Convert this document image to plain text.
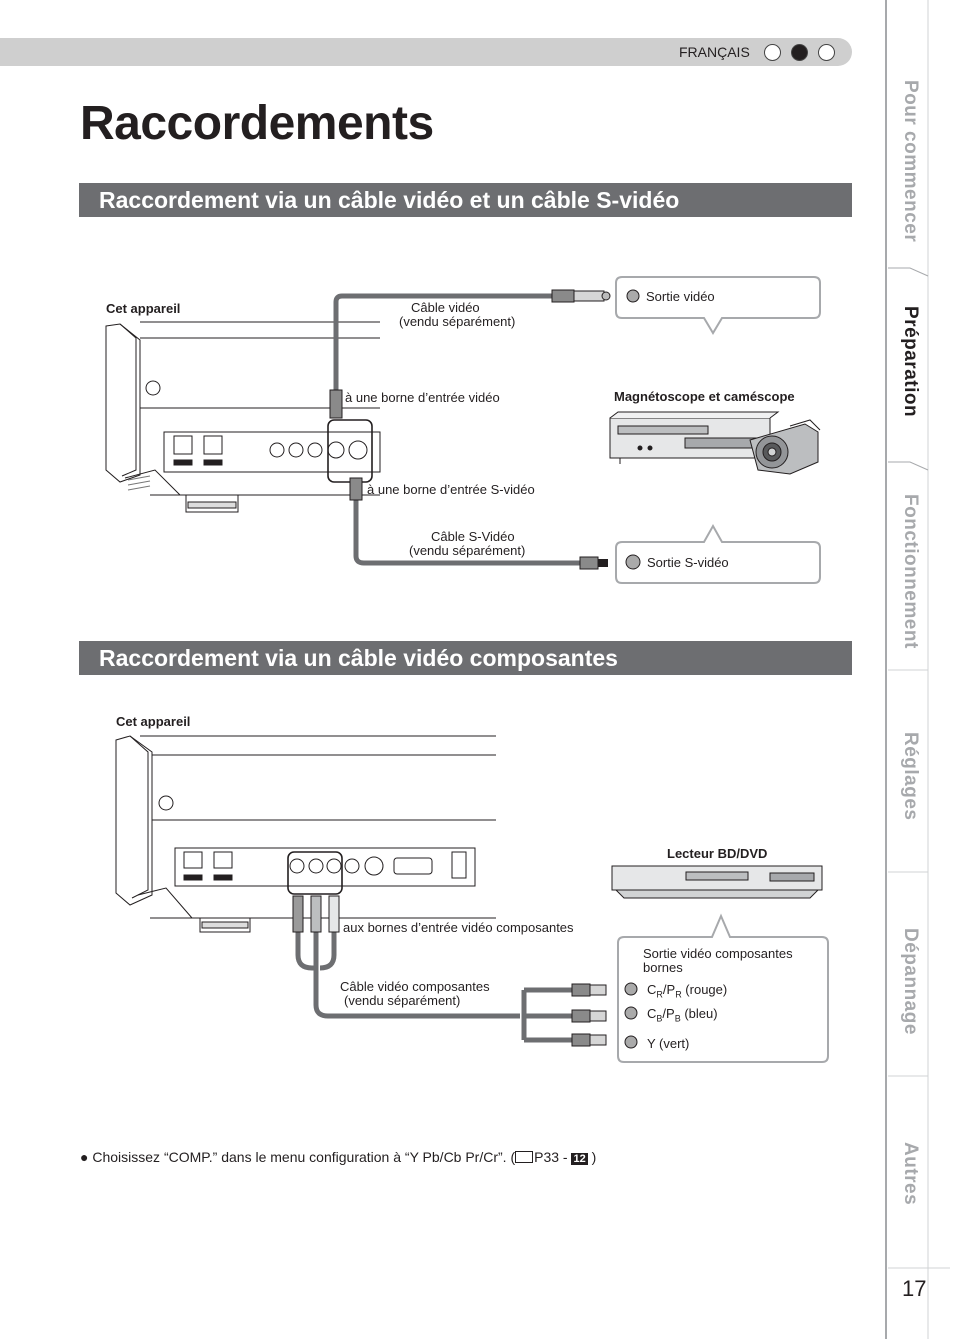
FRANÇAIS
Raccordements
Raccordement via un câble vidéo et un câble S-vidéo
Cet appareil	Câble vidéo
(vendu séparément)
à une borne d’entrée vidéo
à une borne d’entrée S-vidéo
Câble S-Vidéo
(vendu séparément)
Sortie vidéo
Sortie S-vidéo
Magnétoscope et caméscope
Raccordement via un câble vidéo composantes
Cet appareil
Lecteur BD/DVD
aux bornes d’entrée vidéo composantes
Câble vidéo composantes
(vendu séparément)
Sortie vidéo composantes
bornes
$C_R/P_R$ (rouge)
$C_B/P_B$ (bleu)
Y (vert)
● Choisissez “COMP.” dans le menu configuration à “Y Pb/Cb Pr/Cr”. ( P33 - 12 )
Pour commencer
Préparation
Fonctionnement
Réglages
Dépannage
Autres
17
